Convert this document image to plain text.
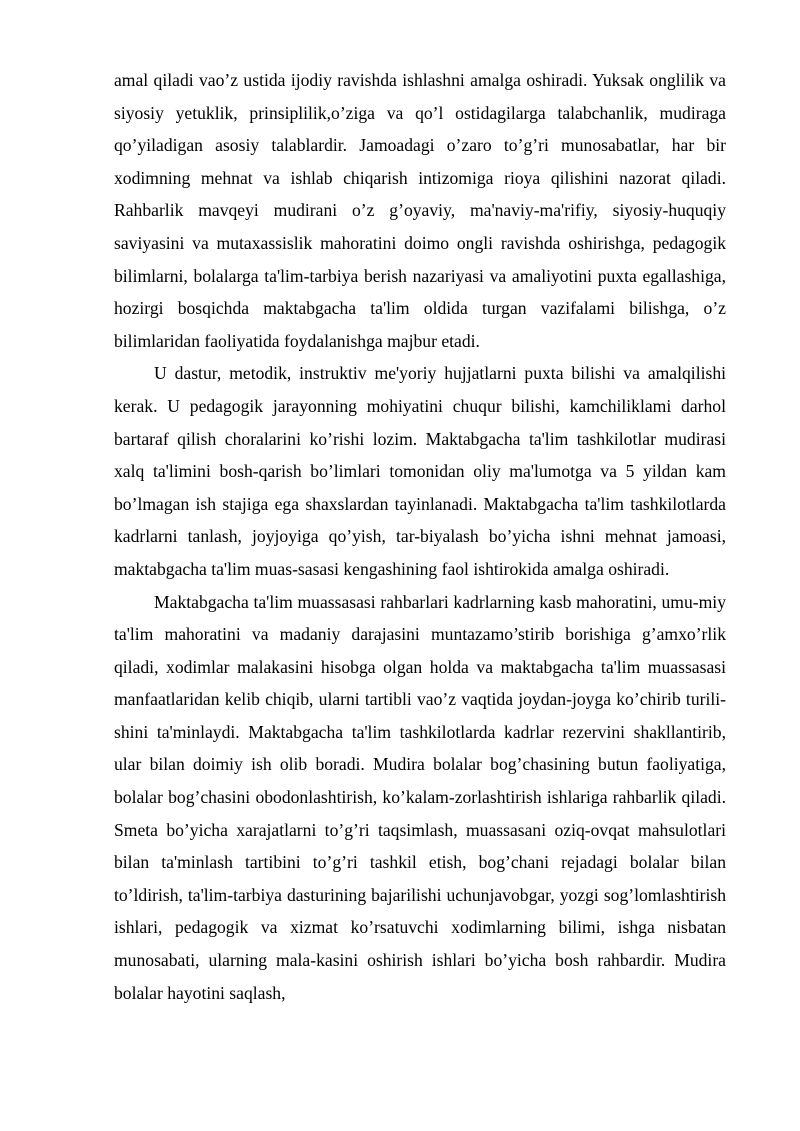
amal qiladi vao’z ustida ijodiy ravishda ishlashni amalga oshiradi. Yuksak onglilik va siyosiy yetuklik, prinsiplilik,o’ziga va qo’l ostidagilarga talabchanlik, mudiraga qo’yiladigan asosiy talablardir. Jamoadagi o’zaro to’g’ri munosabatlar, har bir xodimning mehnat va ishlab chiqarish intizomiga rioya qilishini nazorat qiladi. Rahbarlik mavqeyi mudirani o’z g’oyaviy, ma'naviy-ma'rifiy, siyosiy-huquqiy saviyasini va mutaxassislik mahoratini doimo ongli ravishda oshirishga, pedagogik bilimlarni, bolalarga ta'lim-tarbiya berish nazariyasi va amaliyotini puxta egallashiga, hozirgi bosqichda maktabgacha ta'lim oldida turgan vazifalami bilishga, o’z bilimlaridan faoliyatida foydalanishga majbur etadi.

U dastur, metodik, instruktiv me'yoriy hujjatlarni puxta bilishi va amalqilishi kerak. U pedagogik jarayonning mohiyatini chuqur bilishi, kamchiliklami darhol bartaraf qilish choralarini ko’rishi lozim. Maktabgacha ta'lim tashkilotlar mudirasi xalq ta'limini bosh-qarish bo’limlari tomonidan oliy ma'lumotga va 5 yildan kam bo’lmagan ish stajiga ega shaxslardan tayinlanadi. Maktabgacha ta'lim tashkilotlarda kadrlarni tanlash, joyjoyiga qo’yish, tar-biyalash bo’yicha ishni mehnat jamoasi, maktabgacha ta'lim muas-sasasi kengashining faol ishtirokida amalga oshiradi.

Maktabgacha ta'lim muassasasi rahbarlari kadrlarning kasb mahoratini, umu-miy ta'lim mahoratini va madaniy darajasini muntazamo’stirib borishiga g’amxo’rlik qiladi, xodimlar malakasini hisobga olgan holda va maktabgacha ta'lim muassasasi manfaatlaridan kelib chiqib, ularni tartibli vao’z vaqtida joydan-joyga ko’chirib turili-shini ta'minlaydi. Maktabgacha ta'lim tashkilotlarda kadrlar rezervini shakllantirib, ular bilan doimiy ish olib boradi. Mudira bolalar bog’chasining butun faoliyatiga, bolalar bog’chasini obodonlashtirish, ko’kalam-zorlashtirish ishlariga rahbarlik qiladi. Smeta bo’yicha xarajatlarni to’g’ri taqsimlash, muassasani oziq-ovqat mahsulotlari bilan ta'minlash tartibini to’g’ri tashkil etish, bog’chani rejadagi bolalar bilan to’ldirish, ta'lim-tarbiya dasturining bajarilishi uchunjavobgar, yozgi sog’lomlashtirish ishlari, pedagogik va xizmat ko’rsatuvchi xodimlarning bilimi, ishga nisbatan munosabati, ularning mala-kasini oshirish ishlari bo’yicha bosh rahbardir. Mudira bolalar hayotini saqlash,
